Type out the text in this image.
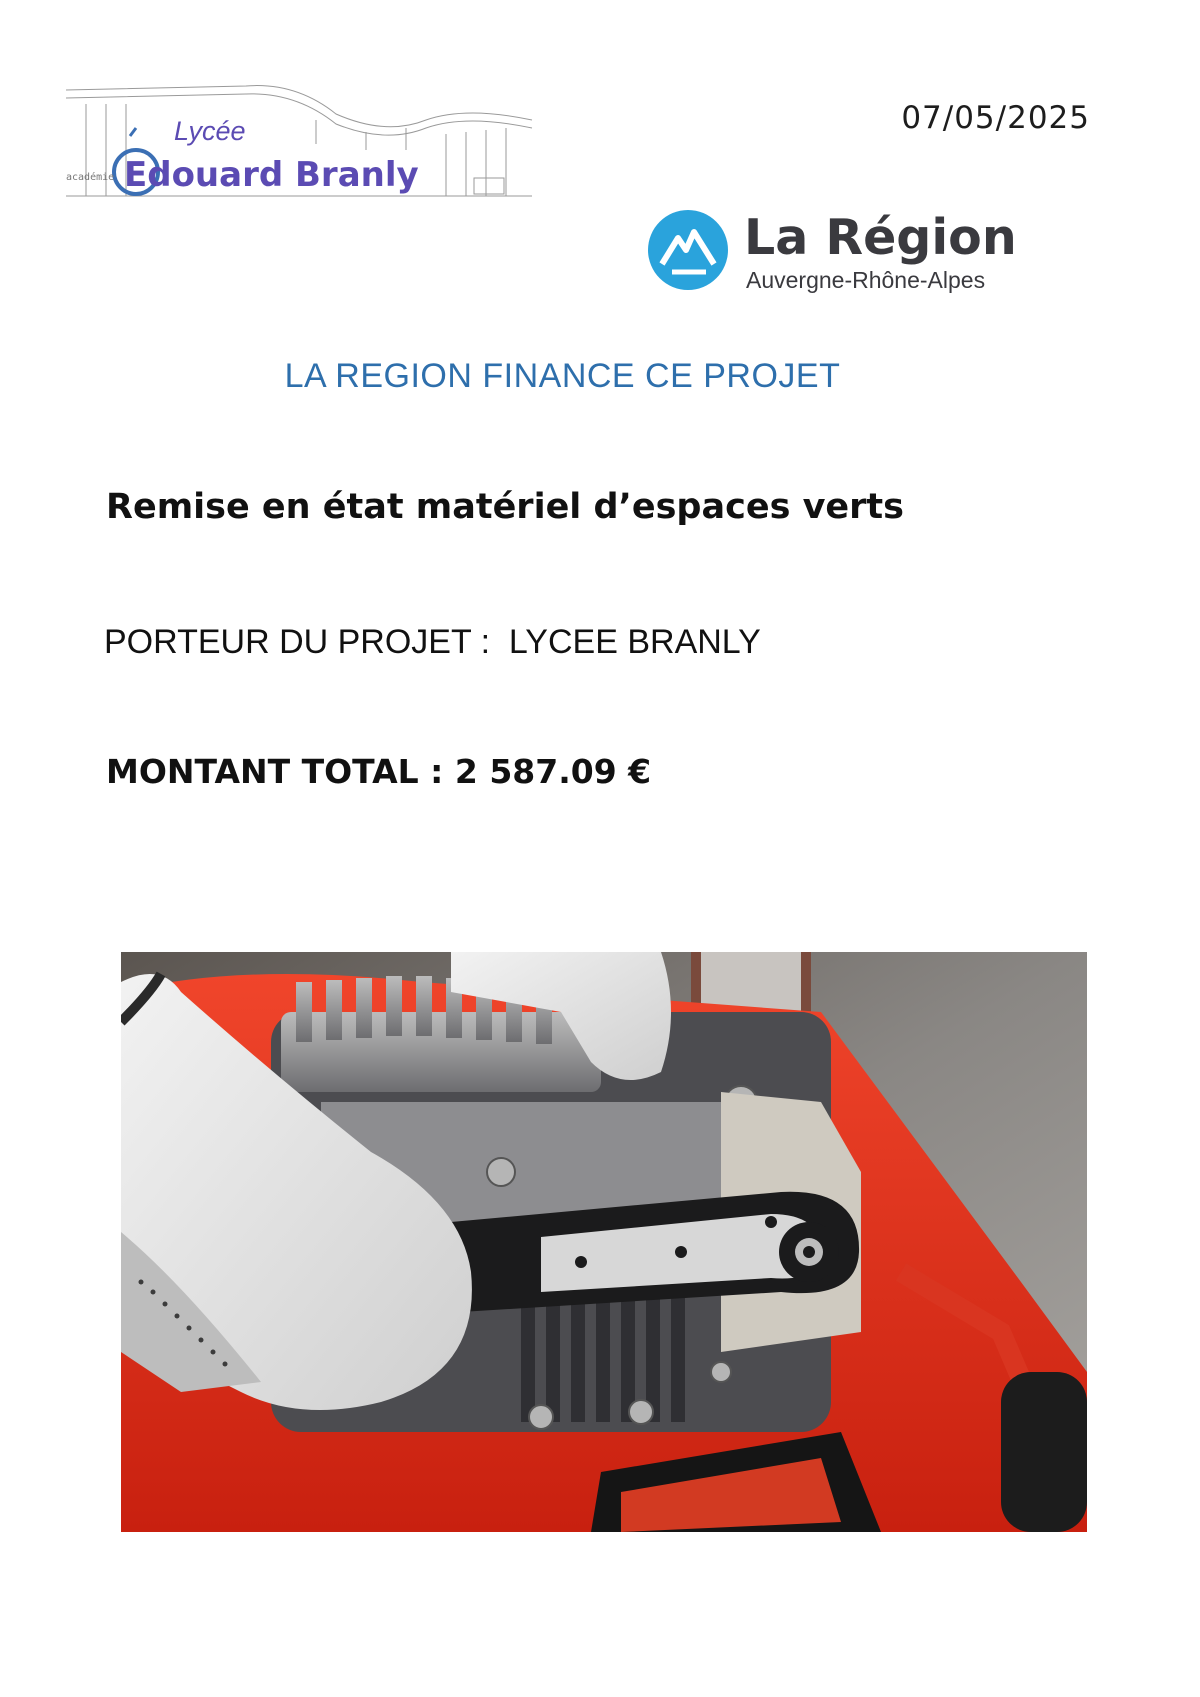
académie
Lycée
Edouard Branly
07/05/2025
La Région
Auvergne-Rhône-Alpes
LA REGION FINANCE CE PROJET
Remise en état matériel d’espaces verts
PORTEUR DU PROJET :  LYCEE BRANLY
MONTANT TOTAL : 2 587.09 €
